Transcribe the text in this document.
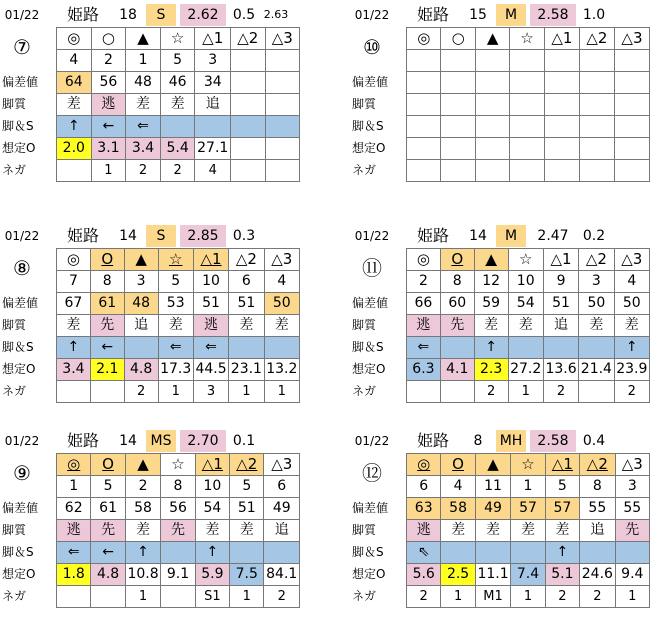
01/22	姫路	18	S	2.62	0.5 2.63
⑦
偏差値
脚質
脚＆S
想定O
ネガ
◎	○	▲	☆	△1	△2	△3
4	2	1	5	3		
64	56	48	46	34		
差	逃	差	差	追		
↑	←	⇐				
2.0	3.1	3.4	5.4	27.1		
	1	2	2	4		
01/22	姫路	15	M	2.58	1.0
⑩
偏差値
脚質
脚＆S
想定O
ネガ
◎	○	▲	☆	△1	△2	△3

01/22	姫路	14	S	2.85	0.3
⑧
偏差値
脚質
脚＆S
想定O
ネガ
◎	O	▲	☆	△1	△2	△3
7	8	3	5	10	6	4
67	61	48	53	51	51	50
差	先	追	差	逃	差	差
↑	←		⇐	⇐		
3.4	2.1	4.8	17.3	44.5	23.1	13.2
		2	1	3	1	1
01/22	姫路	14	M	2.47	0.2
⑪
偏差値
脚質
脚＆S
想定O
ネガ
◎	O	▲	☆	△1	△2	△3
2	8	12	10	9	3	4
66	60	59	54	51	50	50
逃	先	差	差	追	差	差
⇐		↑				↑
6.3	4.1	2.3	27.2	13.6	21.4	23.9
		2	1	2		2
01/22	姫路	14 MS	2.70	0.1
⑨
偏差値
脚質
脚＆S
想定O
ネガ
◎	O	▲	☆	△1	△2	△3
1	5	2	8	10	5	6
62	61	58	56	54	51	49
逃	先	差	先	差	差	追
⇐	←	↑		↑		
1.8	4.8	10.8	9.1	5.9	7.5	84.1
		1		S1	1	2
01/22	姫路	8	MH	2.58	0.4
⑫
偏差値
脚質
脚＆S
想定O
ネガ
◎	O	▲	☆	△1	△2	△3
6	4	11	1	5	8	3
63	58	49	57	57	55	55
逃	差	差	差	差	追	先
⇖				↑		
5.6	2.5	11.1	7.4	5.1	24.6	9.4
2	1	M1	1	2	2	1
